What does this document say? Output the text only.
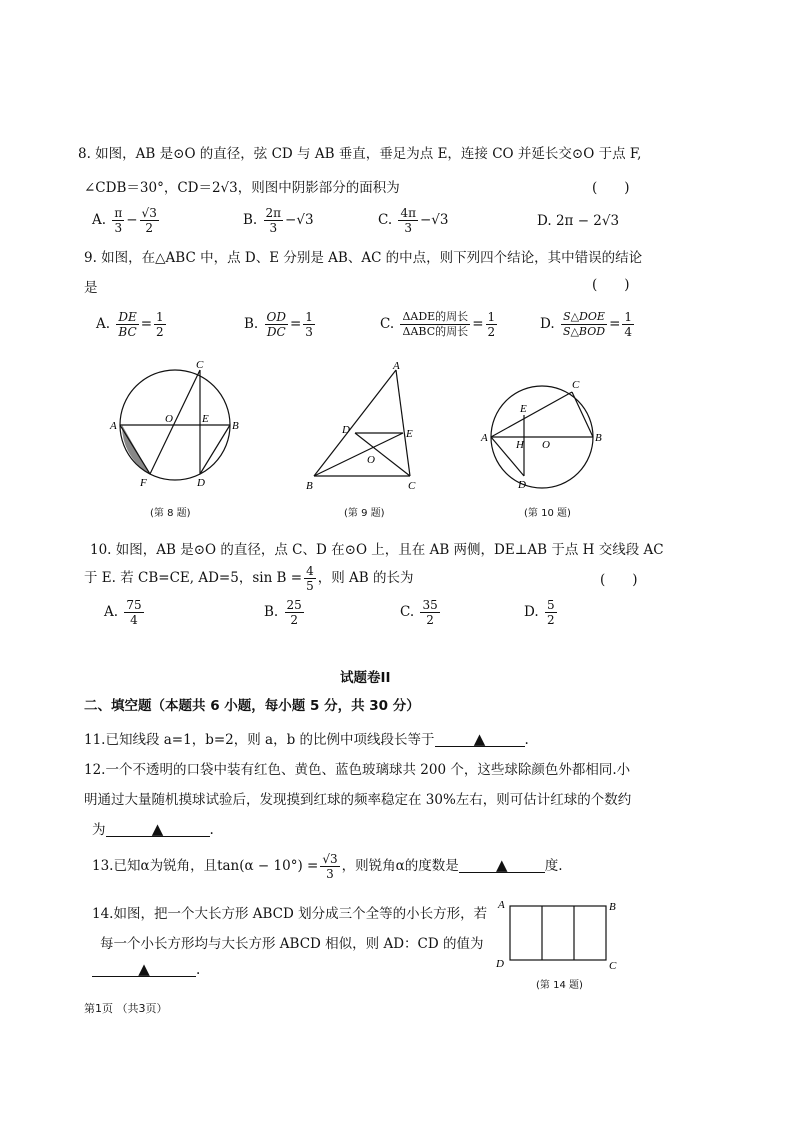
8. 如图，AB 是⊙O 的直径，弦 CD 与 AB 垂直，垂足为点 E，连接 CO 并延长交⊙O 于点 F,
∠CDB＝30°，CD＝2√3，则图中阴影部分的面积为	(　　)
A. $\frac{\pi}{3} - \frac{√3}{2}$	B. $\frac{2\pi}{3} -√3$	C. $\frac{4\pi}{3} -√3$	D. 2π − 2√3
9. 如图，在△ABC 中，点 D、E 分别是 AB、AC 的中点，则下列四个结论，其中错误的结论
是	(　　)
A. $\frac{DE}{BC} = \frac{1}{2}$	B. $\frac{OD}{DC} = \frac{1}{3}$	C. $\frac{\text{ΔADE的周长}}{\text{ΔABC的周长}} = \frac{1}{2}$	D. $\frac{\text{S△DOE}}{\text{S△BOD}} = \frac{1}{4}$
C
O	E
A	B
F	D
(第 8 题)
A
D	E
O
B	C
(第 9 题)
C
E
A
H O
B
D
(第 10 题)
10. 如图，AB 是⊙O 的直径，点 C、D 在⊙O 上，且在 AB 两侧，DE⊥AB 于点 H 交线段 AC
于 E. 若 CB=CE, AD=5，$\sin B = \frac{4}{5}$ ，则 AB 的长为	(　　)
A. $\frac{75}{4}$	B. $\frac{25}{2}$	C. $\frac{35}{2}$	D. $\frac{5}{2}$
试题卷II
二、填空题（本题共 6 小题，每小题 5 分，共 30 分）
11.已知线段 a=1，b=2，则 a，b 的比例中项线段长等于	▲	.
12.一个不透明的口袋中装有红色、黄色、蓝色玻璃球共 200 个，这些球除颜色外都相同.小
明通过大量随机摸球试验后，发现摸到红球的频率稳定在 30%左右，则可估计红球的个数约
为	▲	.
13.已知α为锐角，且$\tan(\alpha - 10^\circ) = \frac{√3}{3}$ ，则锐角α的度数是 ▲	度.
14.如图，把一个大长方形 ABCD 划分成三个全等的小长方形，若
每一个小长方形均与大长方形 ABCD 相似，则 AD：CD 的值为
▲	.
A	B
D	C
(第 14 题)
第1页 （共3页）
